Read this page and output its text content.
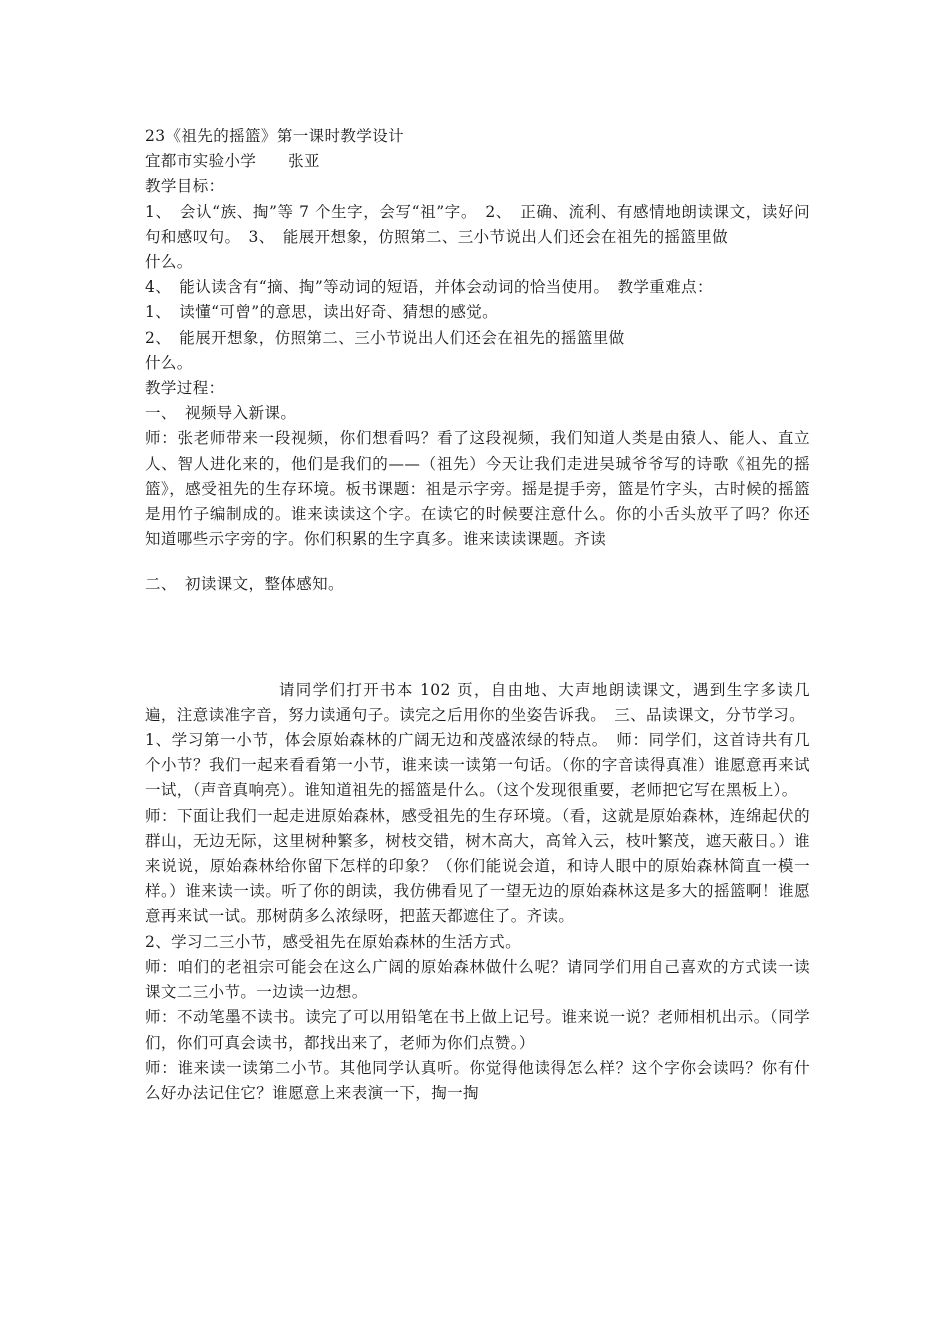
23《祖先的摇篮》第一课时教学设计

宜都市实验小学　　张亚

教学目标：

1、　会认“族、掏”等 7 个生字，会写“祖”字。　2、　正确、流利、有感情地朗读课文，读好问句和感叹句。　3、　能展开想象，仿照第二、三小节说出人们还会在祖先的摇篮里做

什么。

4、　能认读含有“摘、掏”等动词的短语，并体会动词的恰当使用。　教学重难点：

1、　读懂“可曾”的意思，读出好奇、猜想的感觉。

2、　能展开想象，仿照第二、三小节说出人们还会在祖先的摇篮里做

什么。

教学过程：

一、　视频导入新课。

师：张老师带来一段视频，你们想看吗？看了这段视频，我们知道人类是由猿人、能人、直立人、智人进化来的，他们是我们的——（祖先）今天让我们走进吴珹爷爷写的诗歌《祖先的摇篮》，感受祖先的生存环境。板书课题：祖是示字旁。摇是提手旁，篮是竹字头，古时候的摇篮是用竹子编制成的。谁来读读这个字。在读它的时候要注意什么。你的小舌头放平了吗？你还知道哪些示字旁的字。你们积累的生字真多。谁来读读课题。齐读

二、　初读课文，整体感知。

请同学们打开书本 102 页，自由地、大声地朗读课文，遇到生字多读几遍，注意读准字音，努力读通句子。读完之后用你的坐姿告诉我。　三、品读课文，分节学习。

1、学习第一小节，体会原始森林的广阔无边和茂盛浓绿的特点。　师：同学们，这首诗共有几个小节？我们一起来看看第一小节，谁来读一读第一句话。（你的字音读得真准）谁愿意再来试一试，（声音真响亮）。谁知道祖先的摇篮是什么。（这个发现很重要，老师把它写在黑板上）。

师：下面让我们一起走进原始森林，感受祖先的生存环境。（看，这就是原始森林，连绵起伏的群山，无边无际，这里树种繁多，树枝交错，树木高大，高耸入云，枝叶繁茂，遮天蔽日。）谁来说说，原始森林给你留下怎样的印象？（你们能说会道，和诗人眼中的原始森林简直一模一样。）谁来读一读。听了你的朗读，我仿佛看见了一望无边的原始森林这是多大的摇篮啊！谁愿意再来试一试。那树荫多么浓绿呀，把蓝天都遮住了。齐读。

2、学习二三小节，感受祖先在原始森林的生活方式。

师：咱们的老祖宗可能会在这么广阔的原始森林做什么呢？请同学们用自己喜欢的方式读一读课文二三小节。一边读一边想。

师：不动笔墨不读书。读完了可以用铅笔在书上做上记号。谁来说一说？老师相机出示。（同学们，你们可真会读书，都找出来了，老师为你们点赞。）

师：谁来读一读第二小节。其他同学认真听。你觉得他读得怎么样？这个字你会读吗？你有什么好办法记住它？谁愿意上来表演一下，掏一掏
